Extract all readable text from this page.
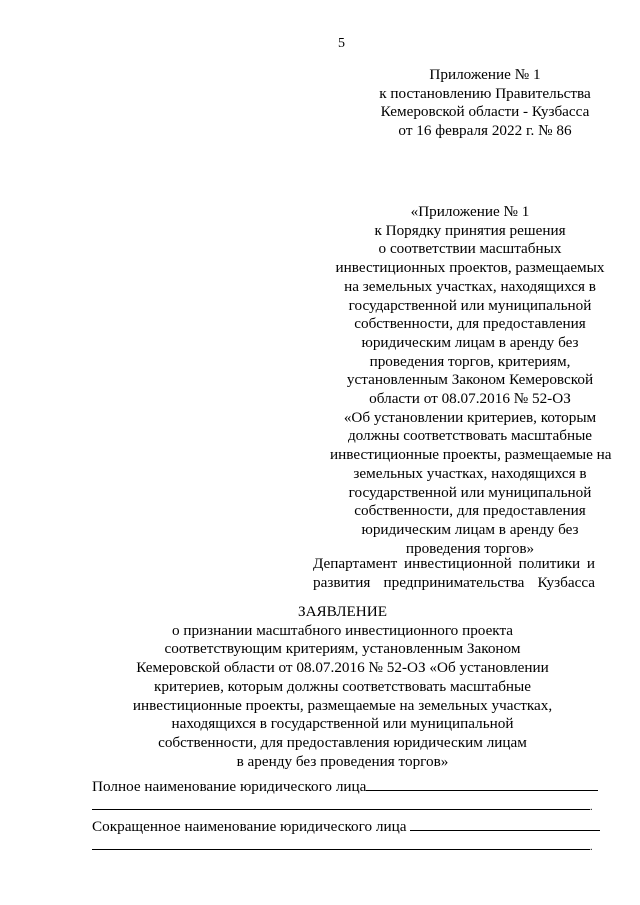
5
Приложение № 1
к постановлению Правительства
Кемеровской области - Кузбасса
от 16 февраля 2022 г. № 86
«Приложение № 1
к Порядку принятия решения
о соответствии масштабных
инвестиционных проектов, размещаемых
на земельных участках, находящихся в
государственной или муниципальной
собственности, для предоставления
юридическим лицам в аренду без
проведения торгов, критериям,
установленным Законом Кемеровской
области от 08.07.2016 № 52-ОЗ
«Об установлении критериев, которым
должны соответствовать масштабные
инвестиционные проекты, размещаемые на
земельных участках, находящихся в
государственной или муниципальной
собственности, для предоставления
юридическим лицам в аренду без
проведения торгов»
Департамент инвестиционной политики и
развития предпринимательства Кузбасса
ЗАЯВЛЕНИЕ
о признании масштабного инвестиционного проекта
соответствующим критериям, установленным Законом
Кемеровской области от 08.07.2016 № 52-ОЗ «Об установлении
критериев, которым должны соответствовать масштабные
инвестиционные проекты, размещаемые на земельных участках,
находящихся в государственной или муниципальной
собственности, для предоставления юридическим лицам
в аренду без проведения торгов»
Полное наименование юридического лица
.
Сокращенное наименование юридического лица
.
